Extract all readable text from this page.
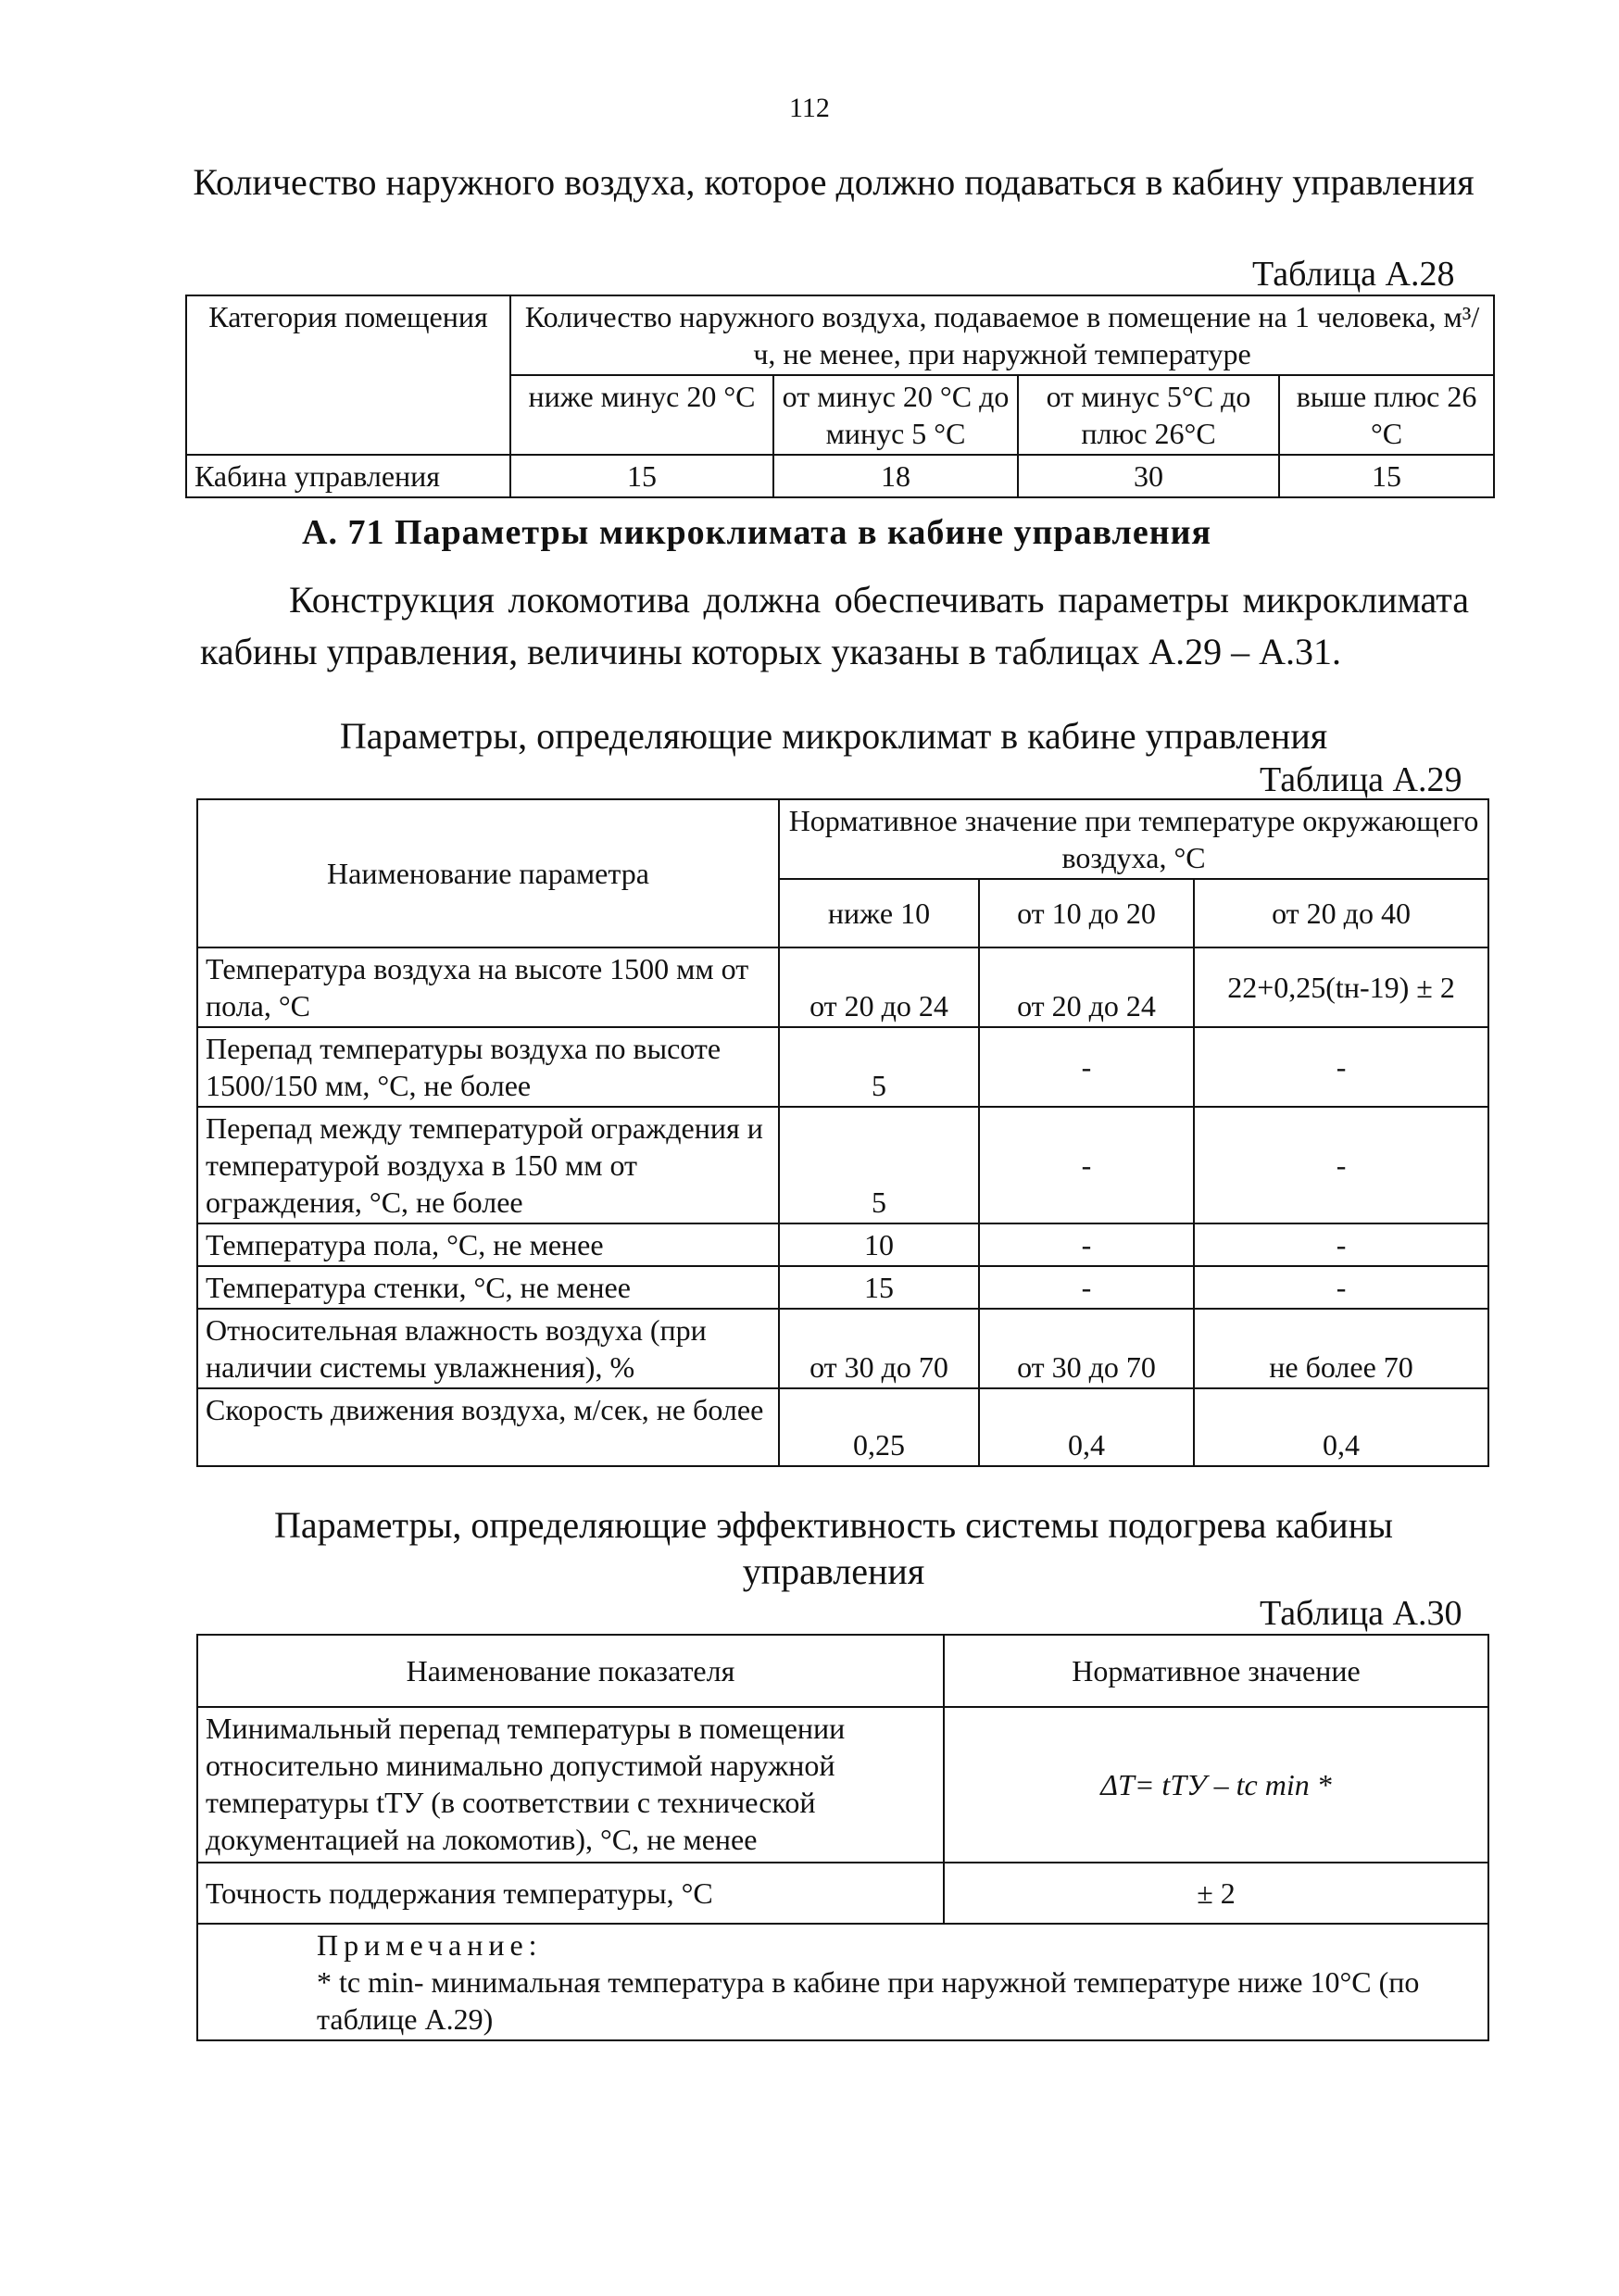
112
Количество наружного воздуха, которое должно подаваться в кабину управления
Таблица А.28
Категория помещения	Количество наружного воздуха, подаваемое в помещение на 1 человека, м³/ч, не менее, при наружной температуре			
	ниже минус 20 °С	от минус 20 °С до минус 5 °С	от минус 5°С до плюс 26°С	выше плюс 26 °С
Кабина управления	15	18	30	15
А. 71 Параметры микроклимата в кабине управления
Конструкция локомотива должна обеспечивать параметры микроклимата кабины управления, величины которых указаны в таблицах А.29 – А.31.
Параметры, определяющие микроклимат в кабине управления
Таблица А.29
Наименование параметра	Нормативное значение при температуре окружающего воздуха, °С		
	ниже 10	от 10 до 20	от 20 до 40
Температура воздуха на высоте 1500 мм от пола, °С	от 20 до 24	от 20 до 24	22+0,25(tн-19) ± 2
Перепад температуры воздуха по высоте 1500/150 мм, °С, не более	5	-	-
Перепад между температурой ограждения и температурой воздуха в 150 мм от ограждения, °С, не более	5	-	-
Температура пола, °С, не менее	10	-	-
Температура стенки, °С, не менее	15	-	-
Относительная влажность воздуха (при наличии системы увлажнения), %	от 30 до 70	от 30 до 70	не более 70
Скорость движения воздуха, м/сек, не более	0,25	0,4	0,4
Параметры, определяющие эффективность системы подогрева кабины управления
Таблица А.30
Наименование показателя	Нормативное значение
Минимальный перепад температуры в помещении относительно минимально допустимой наружной температуры tТУ (в соответствии с технической документацией на локомотив), °С, не менее	ΔT= tТУ – tс min *
Точность поддержания температуры, °С	± 2

Примечание:
* tс min- минимальная температура в кабине при наружной температуре ниже 10°С (по таблице А.29)	
